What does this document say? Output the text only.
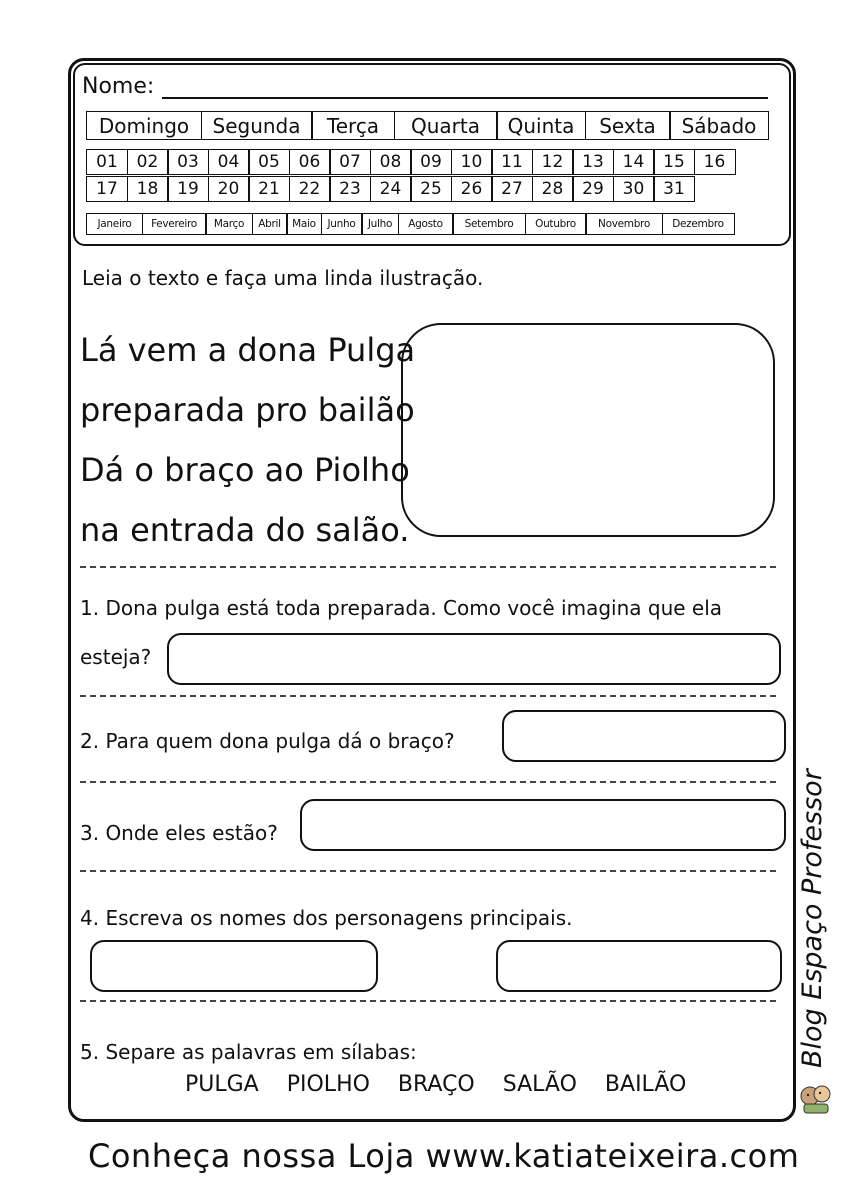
Nome:
Domingo	Segunda	Terça	Quarta	Quinta	Sexta	Sábado
01	02	03	04	05	06	07	08	09	10	11	12	13	14	15	16
17	18	19	20	21	22	23	24	25	26	27	28	29	30	31
Janeiro	Fevereiro	Março	Abril	Maio	Junho	Julho	Agosto	Setembro	Outubro	Novembro	Dezembro
Leia o texto e faça uma linda ilustração.
Lá vem a dona Pulga
preparada pro bailão
Dá o braço ao Piolho
na entrada do salão.
1. Dona pulga está toda preparada. Como você imagina que ela
esteja?
2. Para quem dona pulga dá o braço?
3. Onde eles estão?
4. Escreva os nomes dos personagens principais.
5. Separe as palavras em sílabas:
PULGA PIOLHO BRAÇO SALÃO BAILÃO
Blog Espaço Professor
Conheça nossa Loja www.katiateixeira.com
